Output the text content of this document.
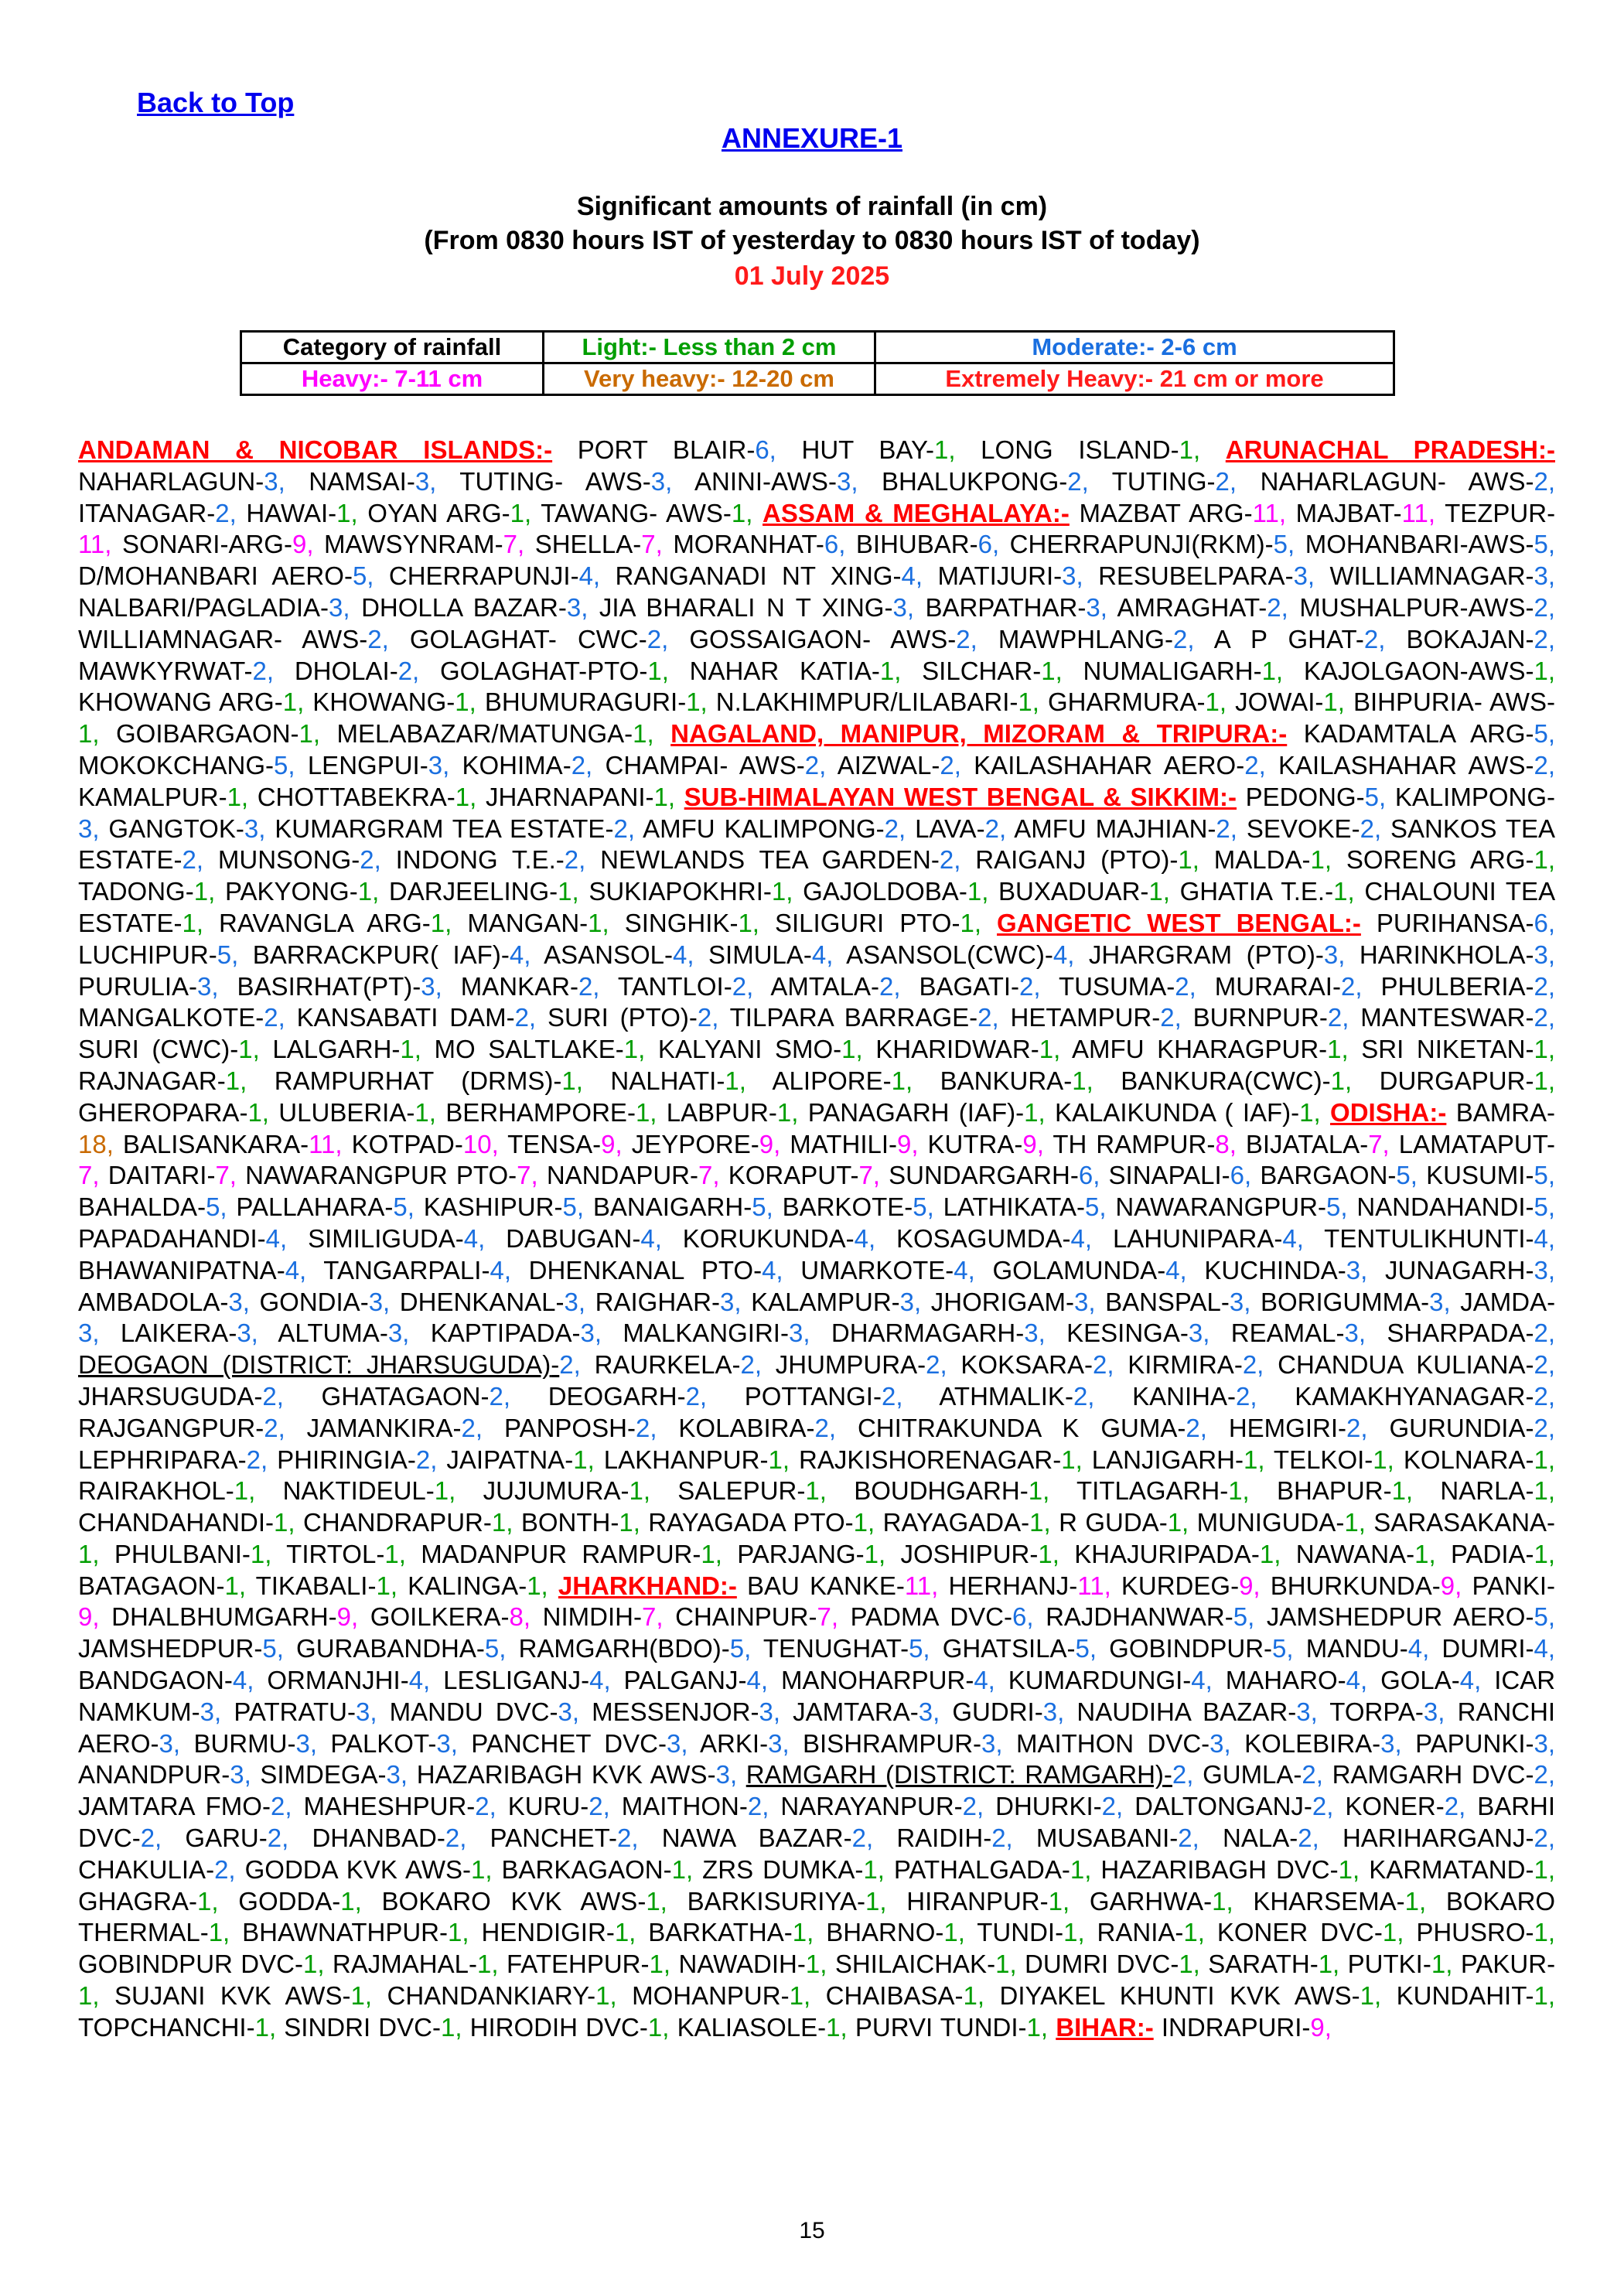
Back to Top
ANNEXURE-1
Significant amounts of rainfall (in cm)
(From 0830 hours IST of yesterday to 0830 hours IST of today)
01 July 2025
Category of rainfall	Light:- Less than 2 cm	Moderate:- 2-6 cm
Heavy:- 7-11 cm	Very heavy:- 12-20 cm	Extremely Heavy:- 21 cm or more
ANDAMAN & NICOBAR ISLANDS:- PORT BLAIR-6, HUT BAY-1, LONG ISLAND-1, ARUNACHAL PRADESH:- NAHARLAGUN-3, NAMSAI-3, TUTING- AWS-3, ANINI-AWS-3, BHALUKPONG-2, TUTING-2, NAHARLAGUN- AWS-2, ITANAGAR-2, HAWAI-1, OYAN ARG-1, TAWANG- AWS-1, ASSAM & MEGHALAYA:- MAZBAT ARG-11, MAJBAT-11, TEZPUR-11, SONARI-ARG-9, MAWSYNRAM-7, SHELLA-7, MORANHAT-6, BIHUBAR-6, CHERRAPUNJI(RKM)-5, MOHANBARI-AWS-5, D/MOHANBARI AERO-5, CHERRAPUNJI-4, RANGANADI NT XING-4, MATIJURI-3, RESUBELPARA-3, WILLIAMNAGAR-3, NALBARI/PAGLADIA-3, DHOLLA BAZAR-3, JIA BHARALI N T XING-3, BARPATHAR-3, AMRAGHAT-2, MUSHALPUR-AWS-2, WILLIAMNAGAR- AWS-2, GOLAGHAT- CWC-2, GOSSAIGAON- AWS-2, MAWPHLANG-2, A P GHAT-2, BOKAJAN-2, MAWKYRWAT-2, DHOLAI-2, GOLAGHAT-PTO-1, NAHAR KATIA-1, SILCHAR-1, NUMALIGARH-1, KAJOLGAON-AWS-1, KHOWANG ARG-1, KHOWANG-1, BHUMURAGURI-1, N.LAKHIMPUR/LILABARI-1, GHARMURA-1, JOWAI-1, BIHPURIA- AWS-1, GOIBARGAON-1, MELABAZAR/MATUNGA-1, NAGALAND, MANIPUR, MIZORAM & TRIPURA:- KADAMTALA ARG-5, MOKOKCHANG-5, LENGPUI-3, KOHIMA-2, CHAMPAI- AWS-2, AIZWAL-2, KAILASHAHAR AERO-2, KAILASHAHAR AWS-2, KAMALPUR-1, CHOTTABEKRA-1, JHARNAPANI-1, SUB-HIMALAYAN WEST BENGAL & SIKKIM:- PEDONG-5, KALIMPONG-3, GANGTOK-3, KUMARGRAM TEA ESTATE-2, AMFU KALIMPONG-2, LAVA-2, AMFU MAJHIAN-2, SEVOKE-2, SANKOS TEA ESTATE-2, MUNSONG-2, INDONG T.E.-2, NEWLANDS TEA GARDEN-2, RAIGANJ (PTO)-1, MALDA-1, SORENG ARG-1, TADONG-1, PAKYONG-1, DARJEELING-1, SUKIAPOKHRI-1, GAJOLDOBA-1, BUXADUAR-1, GHATIA T.E.-1, CHALOUNI TEA ESTATE-1, RAVANGLA ARG-1, MANGAN-1, SINGHIK-1, SILIGURI PTO-1, GANGETIC WEST BENGAL:- PURIHANSA-6, LUCHIPUR-5, BARRACKPUR( IAF)-4, ASANSOL-4, SIMULA-4, ASANSOL(CWC)-4, JHARGRAM (PTO)-3, HARINKHOLA-3, PURULIA-3, BASIRHAT(PT)-3, MANKAR-2, TANTLOI-2, AMTALA-2, BAGATI-2, TUSUMA-2, MURARAI-2, PHULBERIA-2, MANGALKOTE-2, KANSABATI DAM-2, SURI (PTO)-2, TILPARA BARRAGE-2, HETAMPUR-2, BURNPUR-2, MANTESWAR-2, SURI (CWC)-1, LALGARH-1, MO SALTLAKE-1, KALYANI SMO-1, KHARIDWAR-1, AMFU KHARAGPUR-1, SRI NIKETAN-1, RAJNAGAR-1, RAMPURHAT (DRMS)-1, NALHATI-1, ALIPORE-1, BANKURA-1, BANKURA(CWC)-1, DURGAPUR-1, GHEROPARA-1, ULUBERIA-1, BERHAMPORE-1, LABPUR-1, PANAGARH (IAF)-1, KALAIKUNDA ( IAF)-1, ODISHA:- BAMRA-18, BALISANKARA-11, KOTPAD-10, TENSA-9, JEYPORE-9, MATHILI-9, KUTRA-9, TH RAMPUR-8, BIJATALA-7, LAMATAPUT-7, DAITARI-7, NAWARANGPUR PTO-7, NANDAPUR-7, KORAPUT-7, SUNDARGARH-6, SINAPALI-6, BARGAON-5, KUSUMI-5, BAHALDA-5, PALLAHARA-5, KASHIPUR-5, BANAIGARH-5, BARKOTE-5, LATHIKATA-5, NAWARANGPUR-5, NANDAHANDI-5, PAPADAHANDI-4, SIMILIGUDA-4, DABUGAN-4, KORUKUNDA-4, KOSAGUMDA-4, LAHUNIPARA-4, TENTULIKHUNTI-4, BHAWANIPATNA-4, TANGARPALI-4, DHENKANAL PTO-4, UMARKOTE-4, GOLAMUNDA-4, KUCHINDA-3, JUNAGARH-3, AMBADOLA-3, GONDIA-3, DHENKANAL-3, RAIGHAR-3, KALAMPUR-3, JHORIGAM-3, BANSPAL-3, BORIGUMMA-3, JAMDA-3, LAIKERA-3, ALTUMA-3, KAPTIPADA-3, MALKANGIRI-3, DHARMAGARH-3, KESINGA-3, REAMAL-3, SHARPADA-2, DEOGAON (DISTRICT: JHARSUGUDA)-2, RAURKELA-2, JHUMPURA-2, KOKSARA-2, KIRMIRA-2, CHANDUA KULIANA-2, JHARSUGUDA-2, GHATAGAON-2, DEOGARH-2, POTTANGI-2, ATHMALIK-2, KANIHA-2, KAMAKHYANAGAR-2, RAJGANGPUR-2, JAMANKIRA-2, PANPOSH-2, KOLABIRA-2, CHITRAKUNDA K GUMA-2, HEMGIRI-2, GURUNDIA-2, LEPHRIPARA-2, PHIRINGIA-2, JAIPATNA-1, LAKHANPUR-1, RAJKISHORENAGAR-1, LANJIGARH-1, TELKOI-1, KOLNARA-1, RAIRAKHOL-1, NAKTIDEUL-1, JUJUMURA-1, SALEPUR-1, BOUDHGARH-1, TITLAGARH-1, BHAPUR-1, NARLA-1, CHANDAHANDI-1, CHANDRAPUR-1, BONTH-1, RAYAGADA PTO-1, RAYAGADA-1, R GUDA-1, MUNIGUDA-1, SARASAKANA-1, PHULBANI-1, TIRTOL-1, MADANPUR RAMPUR-1, PARJANG-1, JOSHIPUR-1, KHAJURIPADA-1, NAWANA-1, PADIA-1, BATAGAON-1, TIKABALI-1, KALINGA-1, JHARKHAND:- BAU KANKE-11, HERHANJ-11, KURDEG-9, BHURKUNDA-9, PANKI-9, DHALBHUMGARH-9, GOILKERA-8, NIMDIH-7, CHAINPUR-7, PADMA DVC-6, RAJDHANWAR-5, JAMSHEDPUR AERO-5, JAMSHEDPUR-5, GURABANDHA-5, RAMGARH(BDO)-5, TENUGHAT-5, GHATSILA-5, GOBINDPUR-5, MANDU-4, DUMRI-4, BANDGAON-4, ORMANJHI-4, LESLIGANJ-4, PALGANJ-4, MANOHARPUR-4, KUMARDUNGI-4, MAHARO-4, GOLA-4, ICAR NAMKUM-3, PATRATU-3, MANDU DVC-3, MESSENJOR-3, JAMTARA-3, GUDRI-3, NAUDIHA BAZAR-3, TORPA-3, RANCHI AERO-3, BURMU-3, PALKOT-3, PANCHET DVC-3, ARKI-3, BISHRAMPUR-3, MAITHON DVC-3, KOLEBIRA-3, PAPUNKI-3, ANANDPUR-3, SIMDEGA-3, HAZARIBAGH KVK AWS-3, RAMGARH (DISTRICT: RAMGARH)-2, GUMLA-2, RAMGARH DVC-2, JAMTARA FMO-2, MAHESHPUR-2, KURU-2, MAITHON-2, NARAYANPUR-2, DHURKI-2, DALTONGANJ-2, KONER-2, BARHI DVC-2, GARU-2, DHANBAD-2, PANCHET-2, NAWA BAZAR-2, RAIDIH-2, MUSABANI-2, NALA-2, HARIHARGANJ-2, CHAKULIA-2, GODDA KVK AWS-1, BARKAGAON-1, ZRS DUMKA-1, PATHALGADA-1, HAZARIBAGH DVC-1, KARMATAND-1, GHAGRA-1, GODDA-1, BOKARO KVK AWS-1, BARKISURIYA-1, HIRANPUR-1, GARHWA-1, KHARSEMA-1, BOKARO THERMAL-1, BHAWNATHPUR-1, HENDIGIR-1, BARKATHA-1, BHARNO-1, TUNDI-1, RANIA-1, KONER DVC-1, PHUSRO-1, GOBINDPUR DVC-1, RAJMAHAL-1, FATEHPUR-1, NAWADIH-1, SHILAICHAK-1, DUMRI DVC-1, SARATH-1, PUTKI-1, PAKUR-1, SUJANI KVK AWS-1, CHANDANKIARY-1, MOHANPUR-1, CHAIBASA-1, DIYAKEL KHUNTI KVK AWS-1, KUNDAHIT-1, TOPCHANCHI-1, SINDRI DVC-1, HIRODIH DVC-1, KALIASOLE-1, PURVI TUNDI-1, BIHAR:- INDRAPURI-9,
15
